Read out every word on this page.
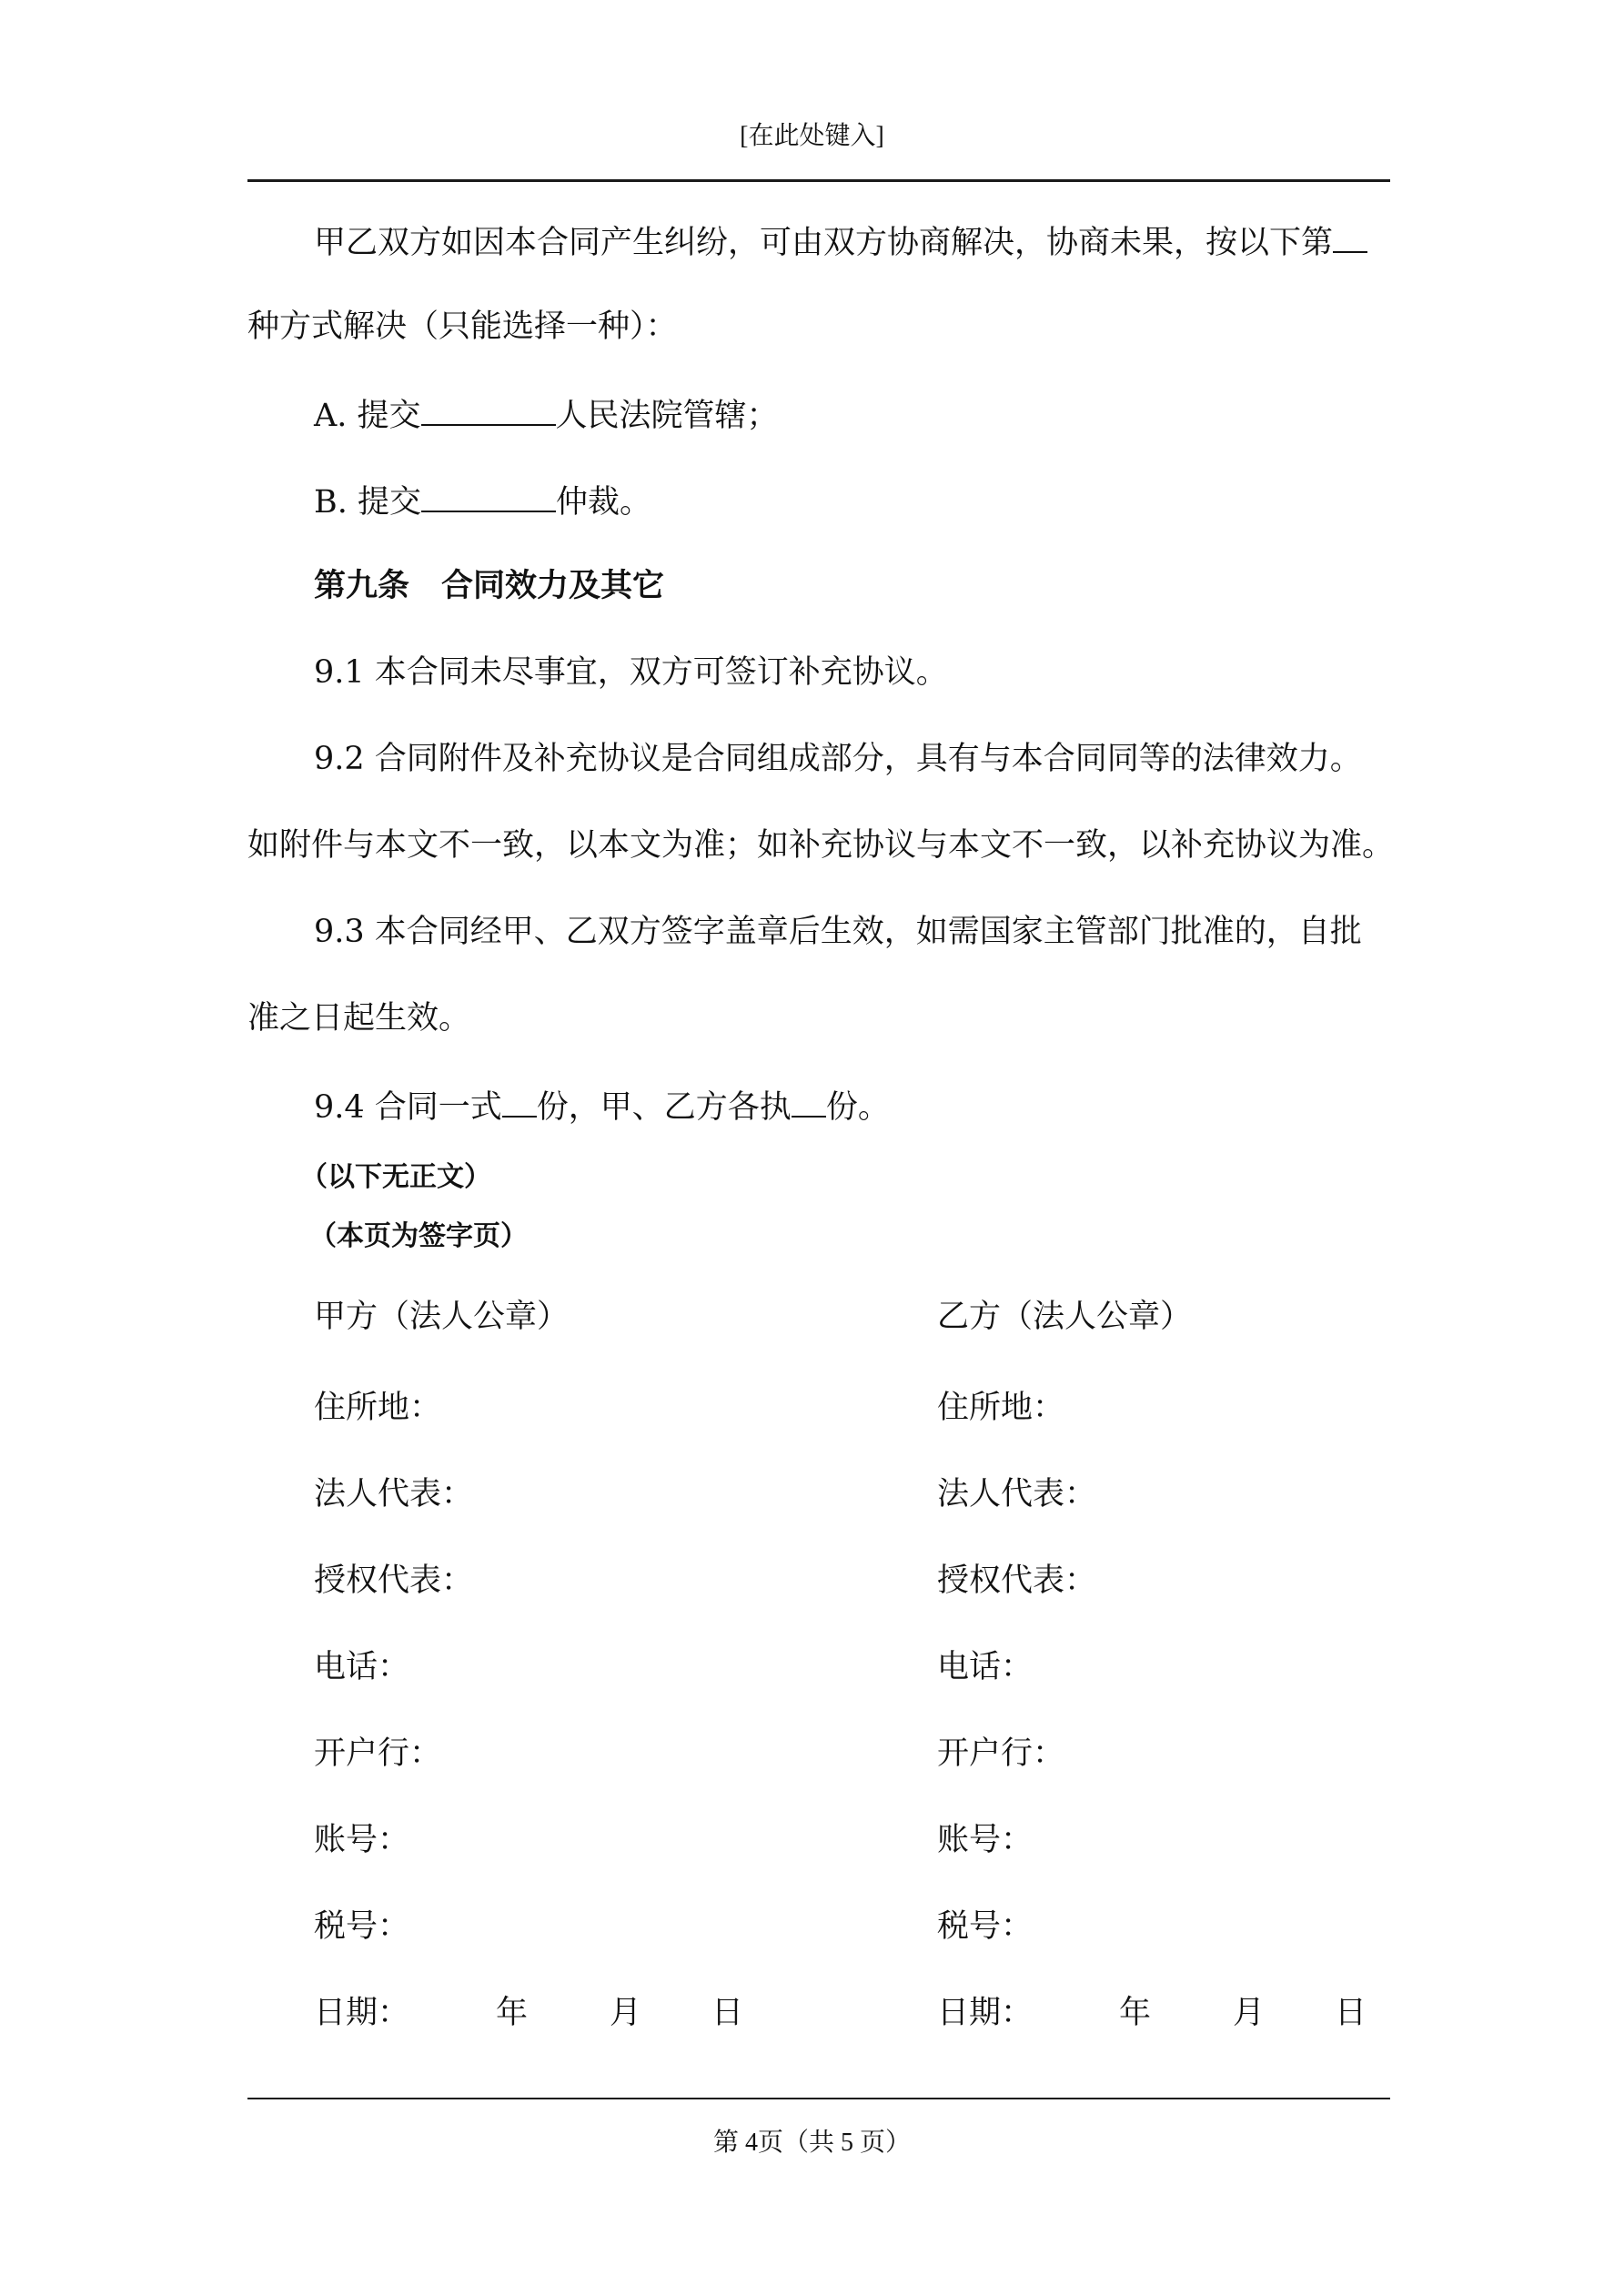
[在此处键入]
甲乙双方如因本合同产生纠纷，可由双方协商解决，协商未果，按以下第
种方式解决（只能选择一种）：
A. 提交	人民法院管辖；
B. 提交	仲裁。
第九条　合同效力及其它
9.1 本合同未尽事宜，双方可签订补充协议。
9.2 合同附件及补充协议是合同组成部分，具有与本合同同等的法律效力。
如附件与本文不一致，以本文为准；如补充协议与本文不一致，以补充协议为准。
9.3 本合同经甲、乙双方签字盖章后生效，如需国家主管部门批准的，自批
准之日起生效。
9.4 合同一式 份，甲、乙方各执 份。
（以下无正文）
（本页为签字页）
甲方（法人公章）
住所地：
法人代表：
授权代表：
电话：
开户行：
账号：
税号：
日期：	年	月 日
乙方（法人公章）
住所地：
法人代表：
授权代表：
电话：
开户行：
账号：
税号：
日期：	年	月 日
第 4页（共 5 页）
